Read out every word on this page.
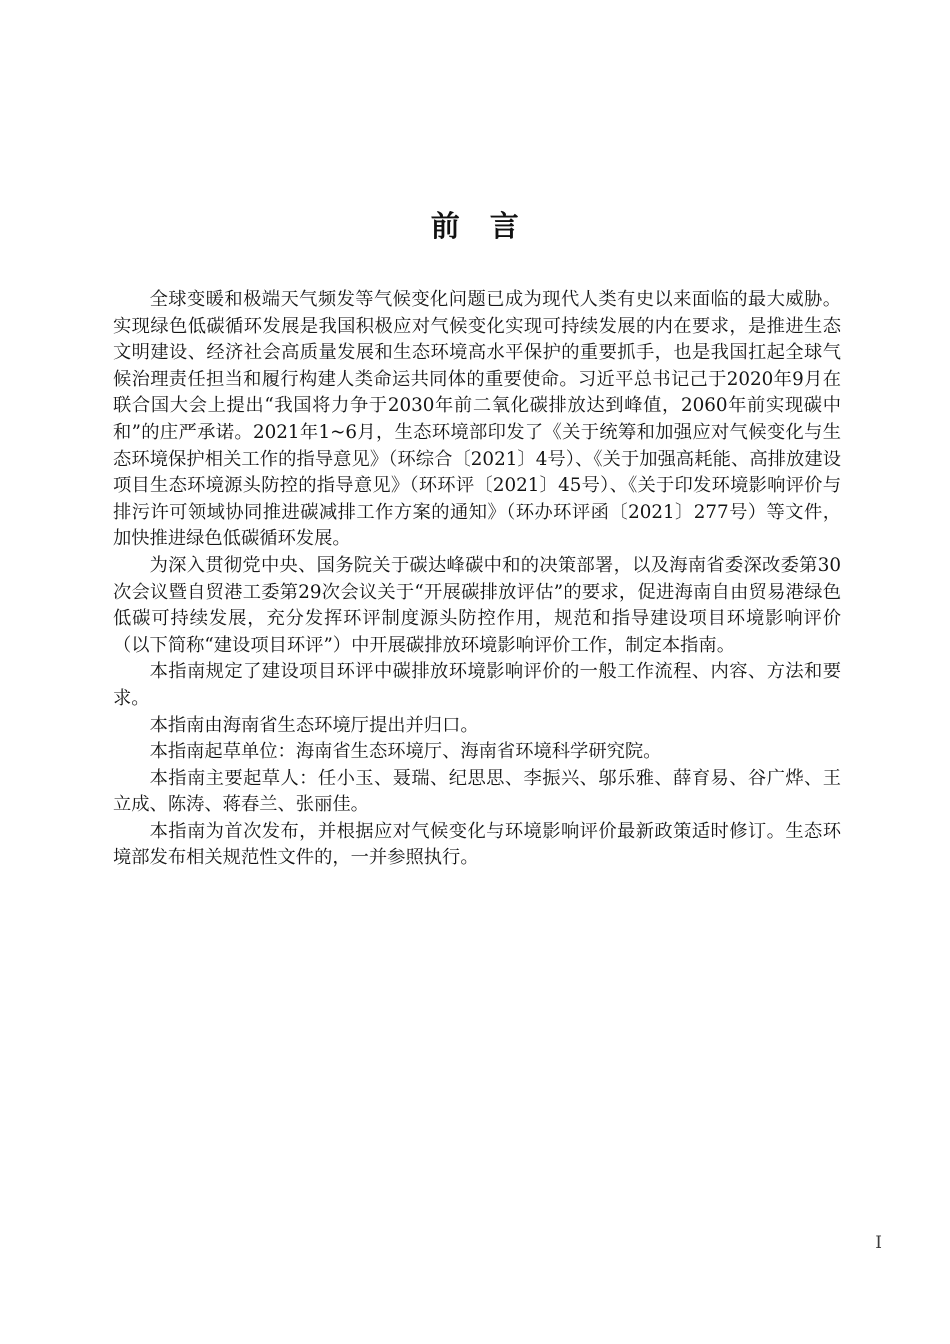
前　言

全球变暖和极端天气频发等气候变化问题已成为现代人类有史以来面临的最大威胁。实现绿色低碳循环发展是我国积极应对气候变化实现可持续发展的内在要求，是推进生态文明建设、经济社会高质量发展和生态环境高水平保护的重要抓手，也是我国扛起全球气候治理责任担当和履行构建人类命运共同体的重要使命。习近平总书记己于2020年9月在联合国大会上提出“我国将力争于2030年前二氧化碳排放达到峰值，2060年前实现碳中和”的庄严承诺。2021年1~6月，生态环境部印发了《关于统筹和加强应对气候变化与生态环境保护相关工作的指导意见》（环综合〔2021〕4号）、《关于加强高耗能、高排放建设项目生态环境源头防控的指导意见》（环环评〔2021〕45号）、《关于印发环境影响评价与排污许可领域协同推进碳减排工作方案的通知》（环办环评函〔2021〕277号）等文件，加快推进绿色低碳循环发展。

为深入贯彻党中央、国务院关于碳达峰碳中和的决策部署，以及海南省委深改委第30次会议暨自贸港工委第29次会议关于“开展碳排放评估”的要求，促进海南自由贸易港绿色低碳可持续发展，充分发挥环评制度源头防控作用，规范和指导建设项目环境影响评价（以下简称“建设项目环评”）中开展碳排放环境影响评价工作，制定本指南。

本指南规定了建设项目环评中碳排放环境影响评价的一般工作流程、内容、方法和要求。

本指南由海南省生态环境厅提出并归口。

本指南起草单位：海南省生态环境厅、海南省环境科学研究院。

本指南主要起草人：任小玉、聂瑞、纪思思、李振兴、邬乐雅、薛育易、谷广烨、王立成、陈涛、蒋春兰、张丽佳。

本指南为首次发布，并根据应对气候变化与环境影响评价最新政策适时修订。生态环境部发布相关规范性文件的，一并参照执行。

I
